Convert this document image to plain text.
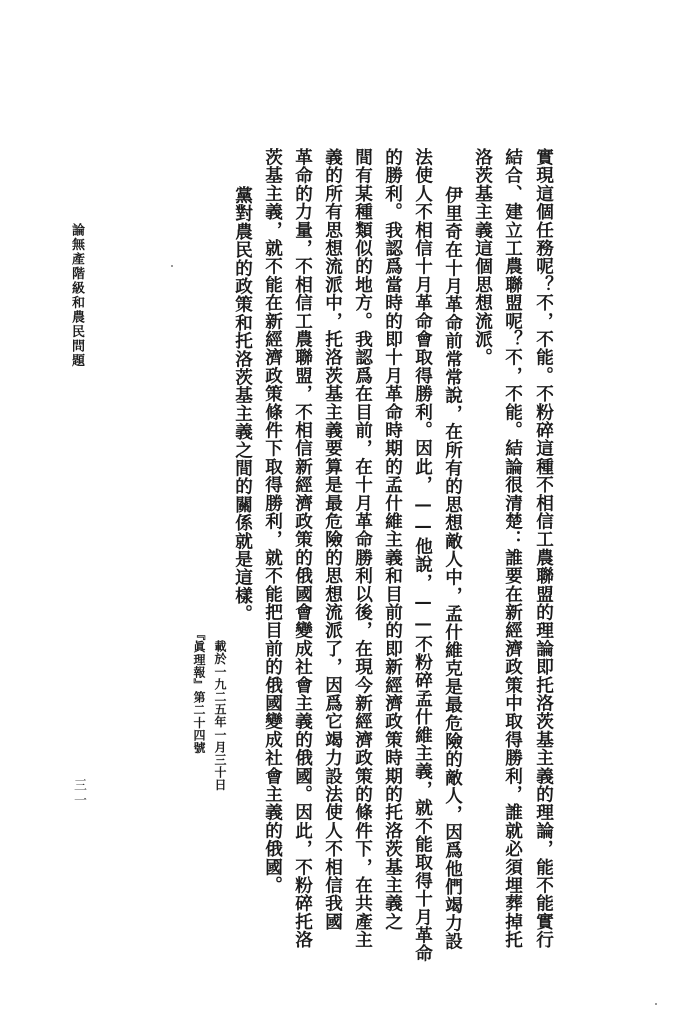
論無產階級和農民問題
三一	實現這個任務呢？不，不能。不粉碎這種不相信工農聯盟的理論即托洛茨基主義的理論，能不能實行
結合、建立工農聯盟呢？不，不能。結論很清楚：誰要在新經濟政策中取得勝利，誰就必須埋葬掉托
洛茨基主義這個思想流派。
伊里奇在十月革命前常常說，在所有的思想敵人中，孟什維克是最危險的敵人，因爲他們竭力設
法使人不相信十月革命會取得勝利。因此，——他說，——不粉碎孟什維主義，就不能取得十月革命
的勝利。我認爲當時的即十月革命時期的孟什維主義和目前的即新經濟政策時期的托洛茨基主義之
間有某種類似的地方。我認爲在目前，在十月革命勝利以後，在現今新經濟政策的條件下，在共產主
義的所有思想流派中，托洛茨基主義要算是最危險的思想流派了，因爲它竭力設法使人不相信我國
革命的力量，不相信工農聯盟，不相信新經濟政策的俄國會變成社會主義的俄國。因此，不粉碎托洛
茨基主義，就不能在新經濟政策條件下取得勝利，就不能把目前的俄國變成社會主義的俄國。
黨對農民的政策和托洛茨基主義之間的關係就是這樣。
載於一九二五年一月三十日
『眞理報』第二十四號
